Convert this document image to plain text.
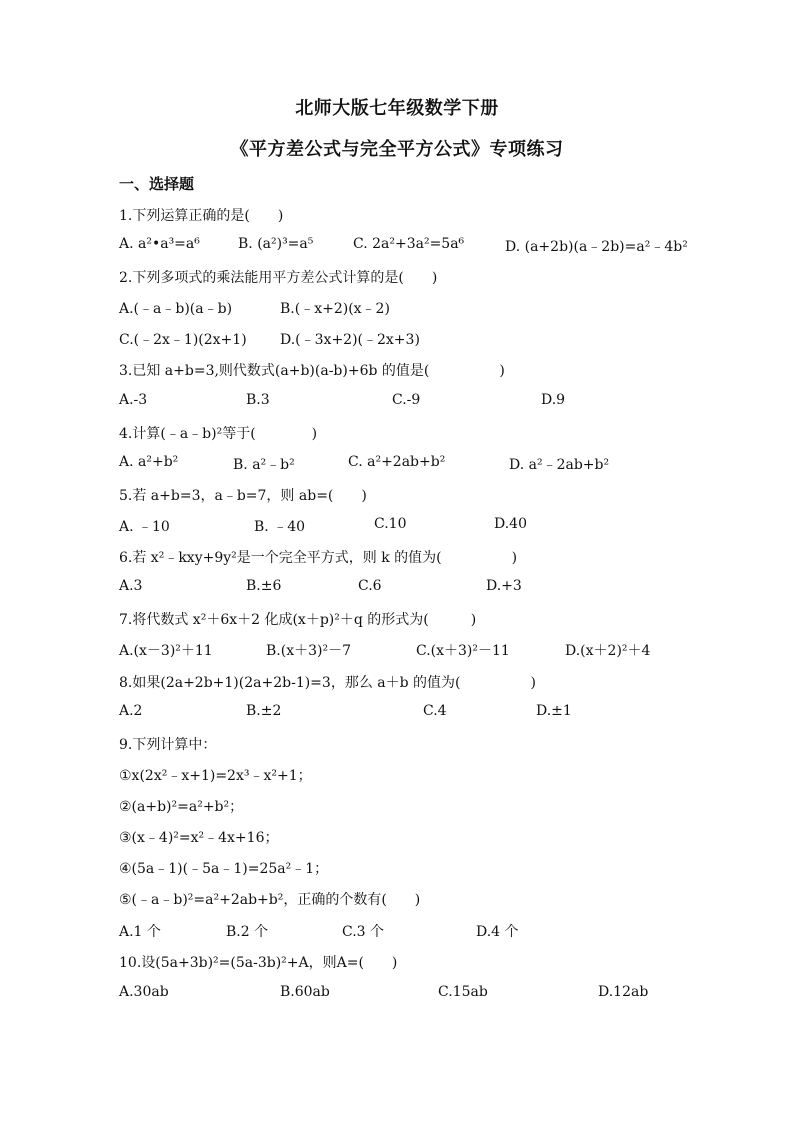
北师大版七年级数学下册
《平方差公式与完全平方公式》专项练习
一、选择题
1.下列运算正确的是(　　)
A. a²•a³=a⁶	B. (a²)³=a⁵	C. 2a²+3a²=5a⁶	D. (a+2b)(a﹣2b)=a²﹣4b²
2.下列多项式的乘法能用平方差公式计算的是(　　)
A.(﹣a﹣b)(a﹣b)	B.(﹣x+2)(x﹣2)
C.(﹣2x﹣1)(2x+1) D.(﹣3x+2)(﹣2x+3)
3.已知 a+b=3,则代数式(a+b)(a-b)+6b 的值是(　　　　　)
A.-3	B.3	C.-9	D.9
4.计算(﹣a﹣b)²等于(　　　　)
A. a²+b²	B. a²﹣b²	C. a²+2ab+b²	D. a²﹣2ab+b²
5.若 a+b=3，a﹣b=7，则 ab=(　　)
A. ﹣10	B. ﹣40	C.10	D.40
6.若 x²﹣kxy+9y²是一个完全平方式，则 k 的值为(　　　　　)
A.3	B.±6	C.6	D.+3
7.将代数式 x²＋6x＋2 化成(x＋p)²＋q 的形式为(　　　)
A.(x－3)²＋11	B.(x＋3)²－7	C.(x＋3)²－11	D.(x＋2)²＋4
8.如果(2a+2b+1)(2a+2b-1)=3，那么 a＋b 的值为(　　　　　)
A.2	B.±2	C.4	D.±1
9.下列计算中：
①x(2x²﹣x+1)=2x³﹣x²+1；
②(a+b)²=a²+b²；
③(x﹣4)²=x²﹣4x+16；
④(5a﹣1)(﹣5a﹣1)=25a²﹣1；
⑤(﹣a﹣b)²=a²+2ab+b²，正确的个数有(　　)
A.1 个	B.2 个	C.3 个	D.4 个
10.设(5a+3b)²=(5a-3b)²+A，则A=(　　)
A.30ab	B.60ab	C.15ab	D.12ab
